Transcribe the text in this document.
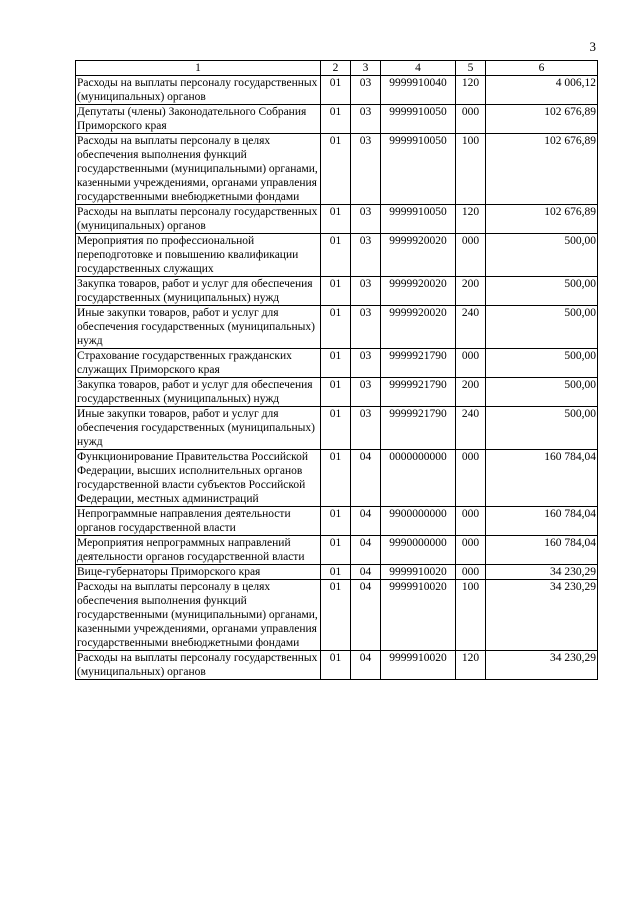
3
1	2	3	4	5	6
Расходы на выплаты персоналу государственных (муниципальных) органов	01	03	9999910040	120	4 006,12
Депутаты (члены) Законодательного Собрания Приморского края	01	03	9999910050	000	102 676,89
Расходы на выплаты персоналу в целях обеспечения выполнения функций государственными (муниципальными) органами, казенными учреждениями, органами управления государственными внебюджетными фондами	01	03	9999910050	100	102 676,89
Расходы на выплаты персоналу государственных (муниципальных) органов	01	03	9999910050	120	102 676,89
Мероприятия по профессиональной переподготовке и повышению квалификации государственных служащих	01	03	9999920020	000	500,00
Закупка товаров, работ и услуг для обеспечения государственных (муниципальных) нужд	01	03	9999920020	200	500,00
Иные закупки товаров, работ и услуг для обеспечения государственных (муниципальных) нужд	01	03	9999920020	240	500,00
Страхование государственных гражданских служащих Приморского края	01	03	9999921790	000	500,00
Закупка товаров, работ и услуг для обеспечения государственных (муниципальных) нужд	01	03	9999921790	200	500,00
Иные закупки товаров, работ и услуг для обеспечения государственных (муниципальных) нужд	01	03	9999921790	240	500,00
Функционирование Правительства Российской Федерации, высших исполнительных органов государственной власти субъектов Российской Федерации, местных администраций	01	04	0000000000	000	160 784,04
Непрограммные направления деятельности органов государственной власти	01	04	9900000000	000	160 784,04
Мероприятия непрограммных направлений деятельности органов государственной власти	01	04	9990000000	000	160 784,04
Вице-губернаторы Приморского края	01	04	9999910020	000	34 230,29
Расходы на выплаты персоналу в целях обеспечения выполнения функций государственными (муниципальными) органами, казенными учреждениями, органами управления государственными внебюджетными фондами	01	04	9999910020	100	34 230,29
Расходы на выплаты персоналу государственных (муниципальных) органов	01	04	9999910020	120	34 230,29
